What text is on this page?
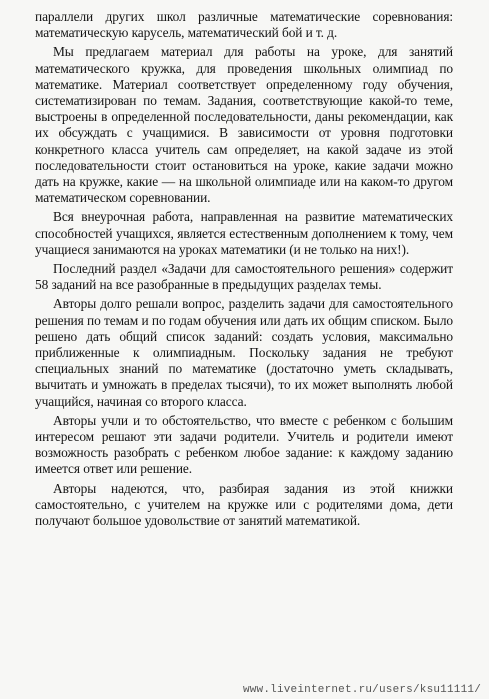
параллели других школ различные математические соревнования: математическую карусель, математический бой и т. д.

Мы предлагаем материал для работы на уроке, для занятий математического кружка, для проведения школьных олимпиад по математике. Материал соответствует определенному году обучения, систематизирован по темам. Задания, соответствующие какой-то теме, выстроены в определенной последовательности, даны рекомендации, как их обсуждать с учащимися. В зависимости от уровня подготовки конкретного класса учитель сам определяет, на какой задаче из этой последовательности стоит остановиться на уроке, какие задачи можно дать на кружке, какие — на школьной олимпиаде или на каком-то другом математическом соревновании.

Вся внеурочная работа, направленная на развитие математических способностей учащихся, является естественным дополнением к тому, чем учащиеся занимаются на уроках математики (и не только на них!).

Последний раздел «Задачи для самостоятельного решения» содержит 58 заданий на все разобранные в предыдущих разделах темы.

Авторы долго решали вопрос, разделить задачи для самостоятельного решения по темам и по годам обучения или дать их общим списком. Было решено дать общий список заданий: создать условия, максимально приближенные к олимпиадным. Поскольку задания не требуют специальных знаний по математике (достаточно уметь складывать, вычитать и умножать в пределах тысячи), то их может выполнять любой учащийся, начиная со второго класса.

Авторы учли и то обстоятельство, что вместе с ребенком с большим интересом решают эти задачи родители. Учитель и родители имеют возможность разобрать с ребенком любое задание: к каждому заданию имеется ответ или решение.

Авторы надеются, что, разбирая задания из этой книжки самостоятельно, с учителем на кружке или с родителями дома, дети получают большое удовольствие от занятий математикой.

www.liveinternet.ru/users/ksu11111/
